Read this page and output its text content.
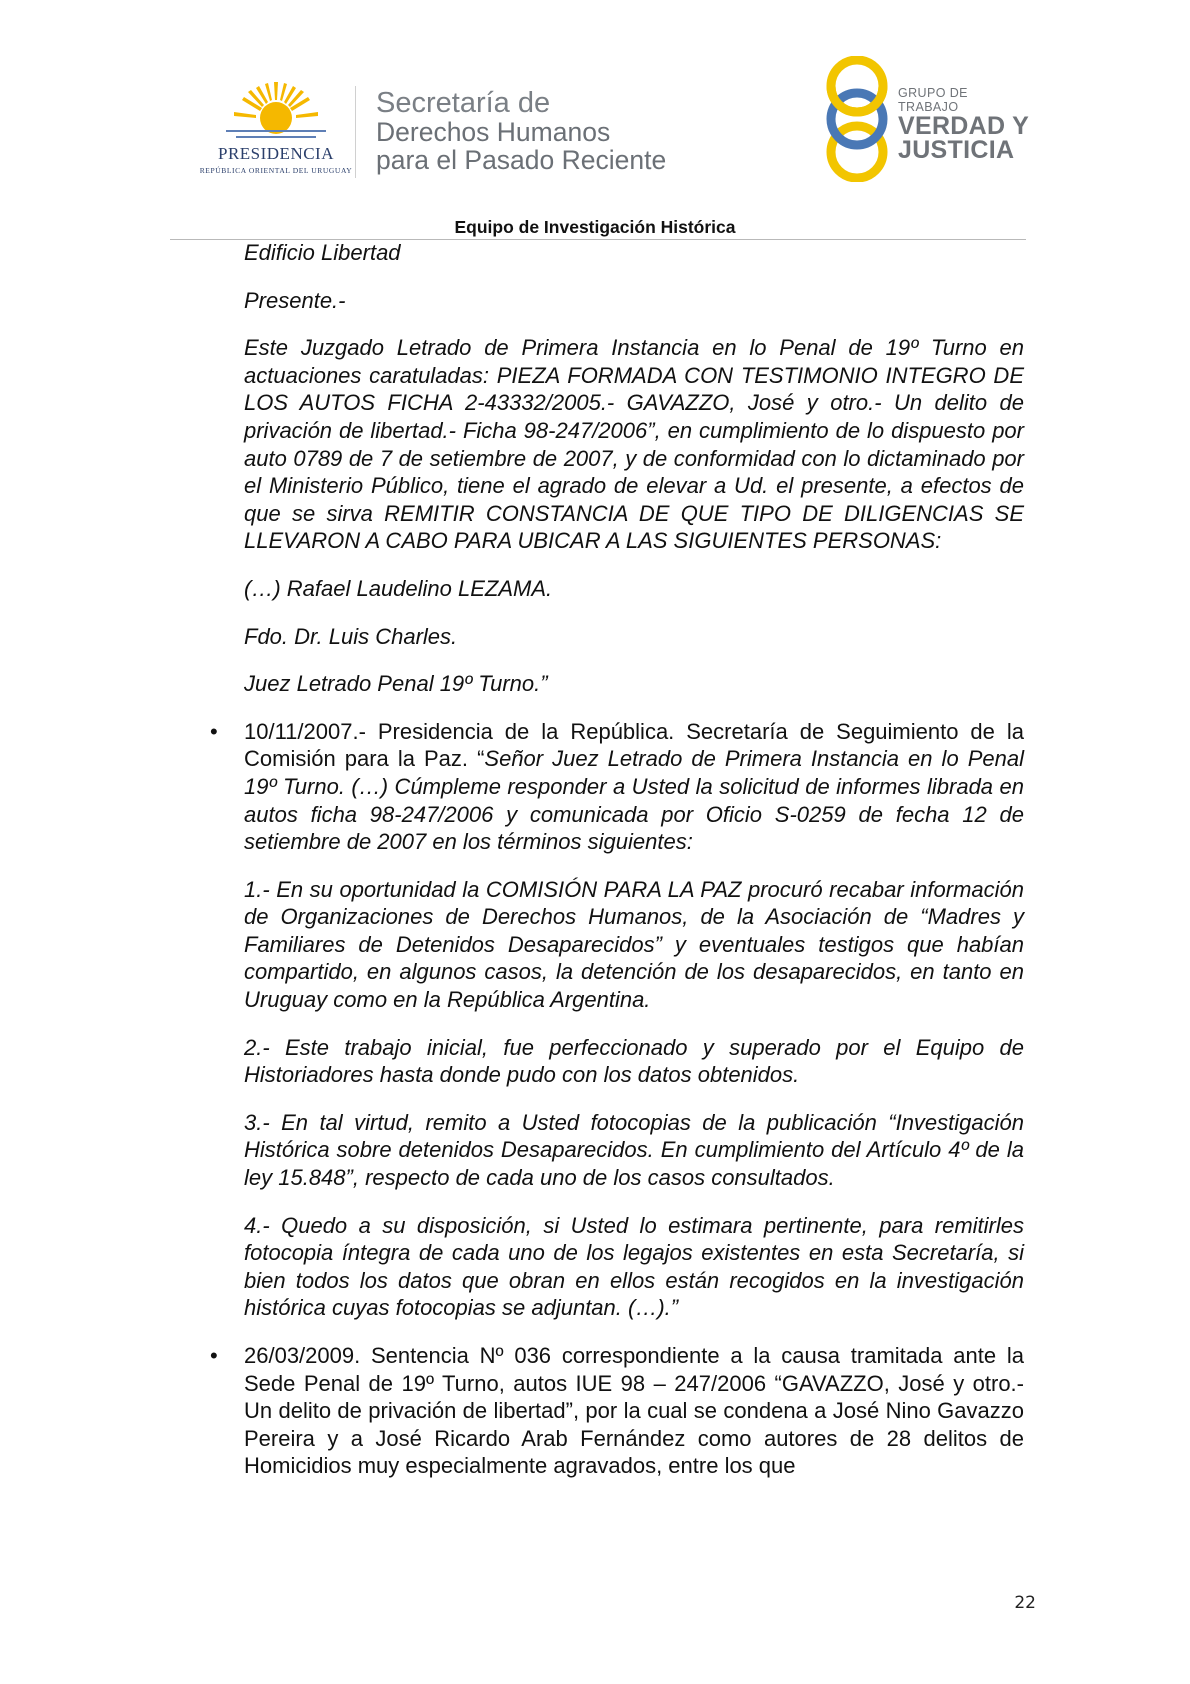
PRESIDENCIA
REPÚBLICA ORIENTAL DEL URUGUAY
Secretaría de
Derechos Humanos
para el Pasado Reciente
GRUPO DE TRABAJO
VERDAD Y
JUSTICIA
Equipo de Investigación Histórica

Edificio Libertad

Presente.-

Este Juzgado Letrado de Primera Instancia en lo Penal de 19º Turno en actuaciones caratuladas: PIEZA FORMADA CON TESTIMONIO INTEGRO DE LOS AUTOS FICHA 2-43332/2005.- GAVAZZO, José y otro.- Un delito de privación de libertad.- Ficha 98-247/2006”, en cumplimiento de lo dispuesto por auto 0789 de 7 de setiembre de 2007, y de conformidad con lo dictaminado por el Ministerio Público, tiene el agrado de elevar a Ud. el presente, a efectos de que se sirva REMITIR CONSTANCIA DE QUE TIPO DE DILIGENCIAS SE LLEVARON A CABO PARA UBICAR A LAS SIGUIENTES PERSONAS:

(…) Rafael Laudelino LEZAMA.

Fdo. Dr. Luis Charles.

Juez Letrado Penal 19º Turno.”

• 10/11/2007.- Presidencia de la República. Secretaría de Seguimiento de la Comisión para la Paz. “Señor Juez Letrado de Primera Instancia en lo Penal 19º Turno. (…) Cúmpleme responder a Usted la solicitud de informes librada en autos ficha 98-247/2006 y comunicada por Oficio S-0259 de fecha 12 de setiembre de 2007 en los términos siguientes:

1.- En su oportunidad la COMISIÓN PARA LA PAZ procuró recabar información de Organizaciones de Derechos Humanos, de la Asociación de “Madres y Familiares de Detenidos Desaparecidos” y eventuales testigos que habían compartido, en algunos casos, la detención de los desaparecidos, en tanto en Uruguay como en la República Argentina.

2.- Este trabajo inicial, fue perfeccionado y superado por el Equipo de Historiadores hasta donde pudo con los datos obtenidos.

3.- En tal virtud, remito a Usted fotocopias de la publicación “Investigación Histórica sobre detenidos Desaparecidos. En cumplimiento del Artículo 4º de la ley 15.848”, respecto de cada uno de los casos consultados.

4.- Quedo a su disposición, si Usted lo estimara pertinente, para remitirles fotocopia íntegra de cada uno de los legajos existentes en esta Secretaría, si bien todos los datos que obran en ellos están recogidos en la investigación histórica cuyas fotocopias se adjuntan. (…).”

• 26/03/2009. Sentencia Nº 036 correspondiente a la causa tramitada ante la Sede Penal de 19º Turno, autos IUE 98 – 247/2006 “GAVAZZO, José y otro.- Un delito de privación de libertad”, por la cual se condena a José Nino Gavazzo Pereira y a José Ricardo Arab Fernández como autores de 28 delitos de Homicidios muy especialmente agravados, entre los que

22
